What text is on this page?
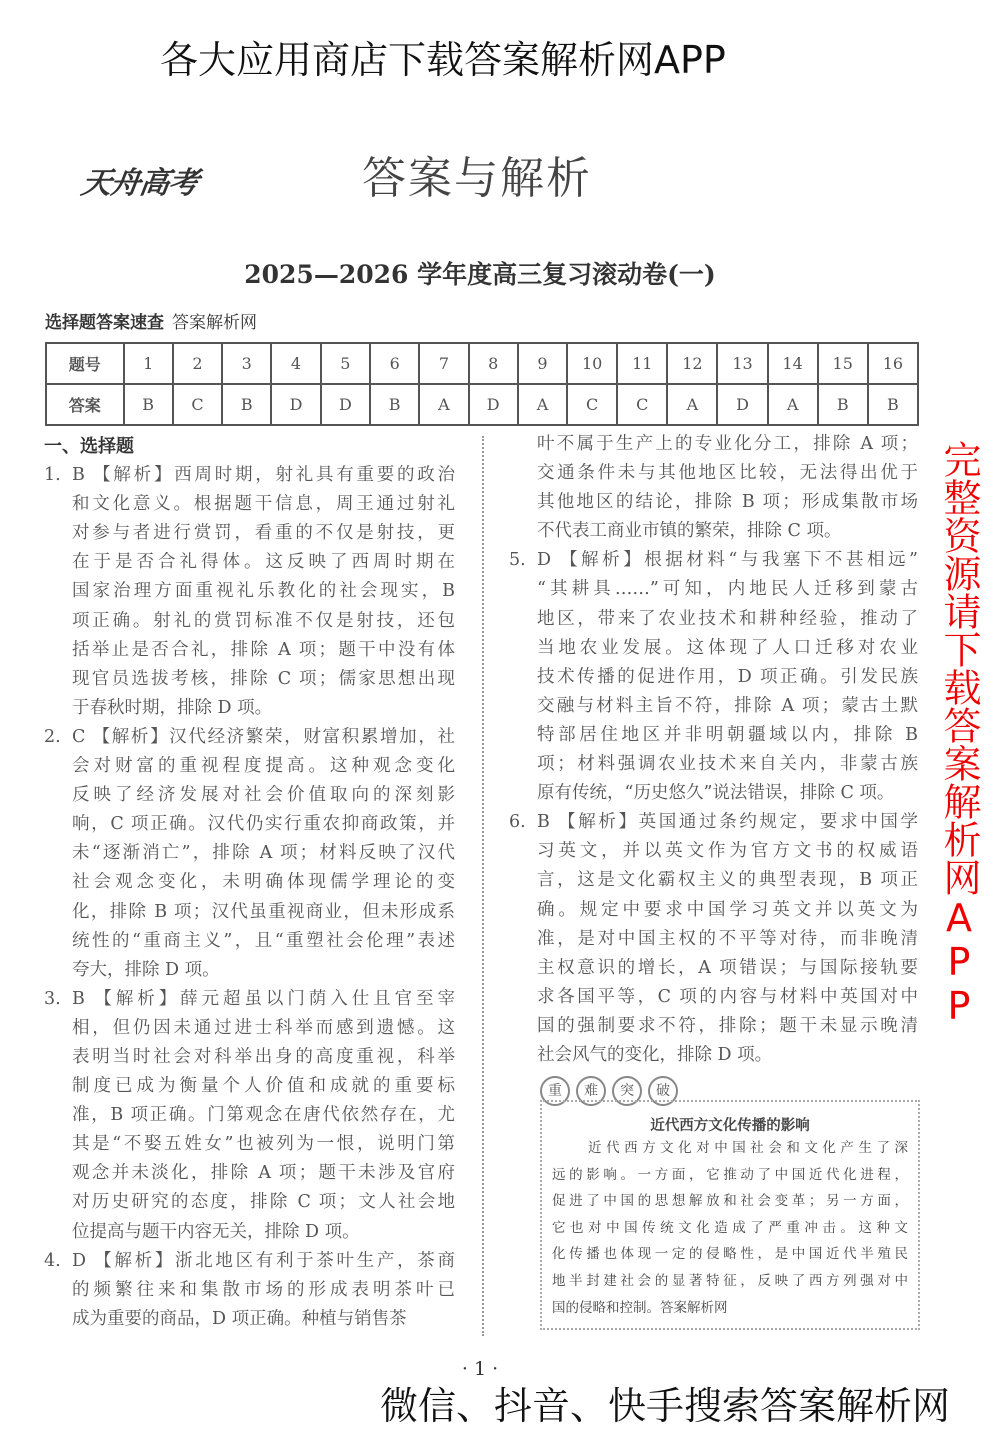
天舟高考	答案与解析
2025—2026 学年度高三复习滚动卷(一)
选择题答案速查 答案解析网
题号	1	2	3	4	5	6	7	8	9	10	11	12	13	14	15	16
答案	B	C	B	D	D	B	A	D	A	C	C	A	D	A	B	B
一、选择题
1. B 【解析】西周时期，射礼具有重要的政治
和文化意义。根据题干信息，周王通过射礼
对参与者进行赏罚，看重的不仅是射技，更
在于是否合礼得体。这反映了西周时期在
国家治理方面重视礼乐教化的社会现实，B
项正确。射礼的赏罚标准不仅是射技，还包
括举止是否合礼，排除 A 项；题干中没有体
现官员选拔考核，排除 C 项；儒家思想出现
于春秋时期，排除 D 项。
2. C 【解析】汉代经济繁荣，财富积累增加，社
会对财富的重视程度提高。这种观念变化
反映了经济发展对社会价值取向的深刻影
响，C 项正确。汉代仍实行重农抑商政策，并
未“逐渐消亡”，排除 A 项；材料反映了汉代
社会观念变化，未明确体现儒学理论的变
化，排除 B 项；汉代虽重视商业，但未形成系
统性的“重商主义”，且“重塑社会伦理”表述
夸大，排除 D 项。
3. B 【解析】薛元超虽以门荫入仕且官至宰
相，但仍因未通过进士科举而感到遗憾。这
表明当时社会对科举出身的高度重视，科举
制度已成为衡量个人价值和成就的重要标
准，B 项正确。门第观念在唐代依然存在，尤
其是“不娶五姓女”也被列为一恨，说明门第
观念并未淡化，排除 A 项；题干未涉及官府
对历史研究的态度，排除 C 项；文人社会地
位提高与题干内容无关，排除 D 项。
4. D 【解析】浙北地区有利于茶叶生产，茶商
的频繁往来和集散市场的形成表明茶叶已
成为重要的商品，D 项正确。种植与销售茶
叶不属于生产上的专业化分工，排除 A 项；
交通条件未与其他地区比较，无法得出优于
其他地区的结论，排除 B 项；形成集散市场
不代表工商业市镇的繁荣，排除 C 项。
5. D 【解析】根据材料“与我塞下不甚相远”
“其耕具……”可知，内地民人迁移到蒙古
地区，带来了农业技术和耕种经验，推动了
当地农业发展。这体现了人口迁移对农业
技术传播的促进作用，D 项正确。引发民族
交融与材料主旨不符，排除 A 项；蒙古土默
特部居住地区并非明朝疆域以内，排除 B
项；材料强调农业技术来自关内，非蒙古族
原有传统，“历史悠久”说法错误，排除 C 项。
6. B 【解析】英国通过条约规定，要求中国学
习英文，并以英文作为官方文书的权威语
言，这是文化霸权主义的典型表现，B 项正
确。规定中要求中国学习英文并以英文为
准，是对中国主权的不平等对待，而非晚清
主权意识的增长，A 项错误；与国际接轨要
求各国平等，C 项的内容与材料中英国对中
国的强制要求不符，排除；题干未显示晚清
社会风气的变化，排除 D 项。
重	难	突	破
近代西方文化传播的影响
　　近代西方文化对中国社会和文化产生了深
远的影响。一方面，它推动了中国近代化进程，
促进了中国的思想解放和社会变革；另一方面，
它也对中国传统文化造成了严重冲击。这种文
化传播也体现一定的侵略性，是中国近代半殖民
地半封建社会的显著特征，反映了西方列强对中
国的侵略和控制。答案解析网
· 1 ·
各大应用商店下载答案解析网APP
完整资源请下载答案解析网APP
微信、抖音、快手搜索答案解析网
